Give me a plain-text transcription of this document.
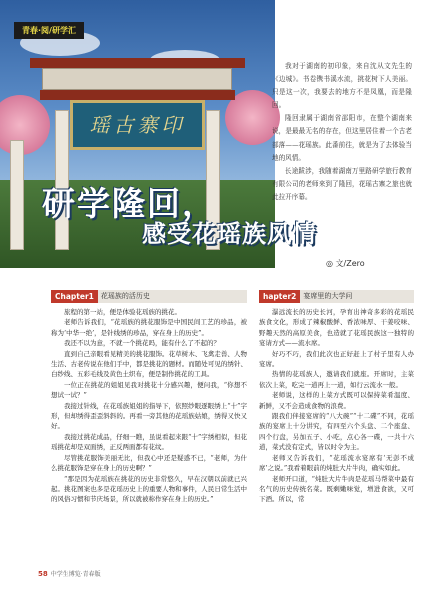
瑶古寨印
青春·阅/研学汇

我对于湖南的初印象，来自沈从文先生的《边城》。书卷镌书溪水流，挑花树下人美丽。只是这一次，我要去的地方不是凤凰，而是隆回。

隆回隶属于湖南省邵阳市，在整个湖南来说，是最最无名的存在，但这里居住着一个古老部落——花瑶族。此番前往，就是为了去体验当地的风情。

长途跋涉，我随着湖南万里路研学旅行教育有限公司的老师来到了隆回，花瑶古寨之旅也就此拉开序幕。

研学隆回，
感受花瑶族风情
◎ 文/Zero
Chapter1	花瑶族的活历史

旅程的第一站，便是体验花瑶族的挑花。

老师告诉我们，“花瑶族的挑花服饰是中国民间工艺的珍品，被称为‘中华一绝’，是针线绣的珍品，穿在身上的历史”。

我还不以为意，不就一个挑花吗，能有什么了不起的？

直到自己亲眼看见精美的挑花服饰。花草树木、飞禽走兽、人物生活、古老传说在他们手中，都是挑花的题材。而随处可见的绣针、白纱线、五彩毛线及黄色土织布，便是制作挑花的工具。

一位正在挑花的姐姐见我对挑花十分感兴趣，便问我，“你想不想试一试？”

我接过针线，在花瑶族姐姐的指导下，依照纱眼逐眼绣上“十”字形，但却绣得歪歪斜斜的。再看一旁其他的花瑶族姑娘，绣得又快又好。

我接过挑花成品，仔细一瞧，虽说看起来跟“十”字绣相似，但花瑶挑花却是双面绣，正反两面都有花纹。

尽管挑花服饰美丽无比，但我心中还是疑惑不已，“老师，为什么挑花服饰是穿在身上的历史啊？”

“那是因为花瑶族在挑花的历史非常悠久，早在汉朝以前就已兴起。挑花图案也多是花瑶历史上的重要人物和事件，人民日常生活中的风俗习惯和节庆场景，所以就被称作穿在身上的历史。”

hapter2	宴席里的大学问

瀑远流长的历史长河，孕育出神奇多彩的花瑶民族食文化，形成了辣椒酸鲜、香浓味厚、干姜咬味、野趣天然的高原美食，也造就了花瑶民族这一独特的宴请方式——流水席。

好巧不巧，我们此次也正好赶上了村子里有人办宴席。

热情的花瑶族人，邀请我们就座。开席时，主菜依次上菜，吃完一道再上一道，如行云流水一般。

老师说，这样的上菜方式既可以保持菜肴温度、新鲜，又不会造成食物的浪费。

跟我们伴接宴席的“八大碗”“十二碟”不同，花瑶族的宴席上十分讲究，有四至六个头盘、二个座盘、四个行盘，另加五子、小吃，点心各一碟，一共十六道，菜式没有定式，皆以时令为主。

老师又告诉我们，“花瑶流水宴席有‘无彭不成席’之说。”我看着眼前的炖肚大片牛肉，确实如此。

老师开口道，“炖肚大片牛肉是花瑶马帮菜中最有名气的历史传统名菜。既剩嫩味觉，增进食欲，又可下酒。所以，常

58 中学生博览·青春版
